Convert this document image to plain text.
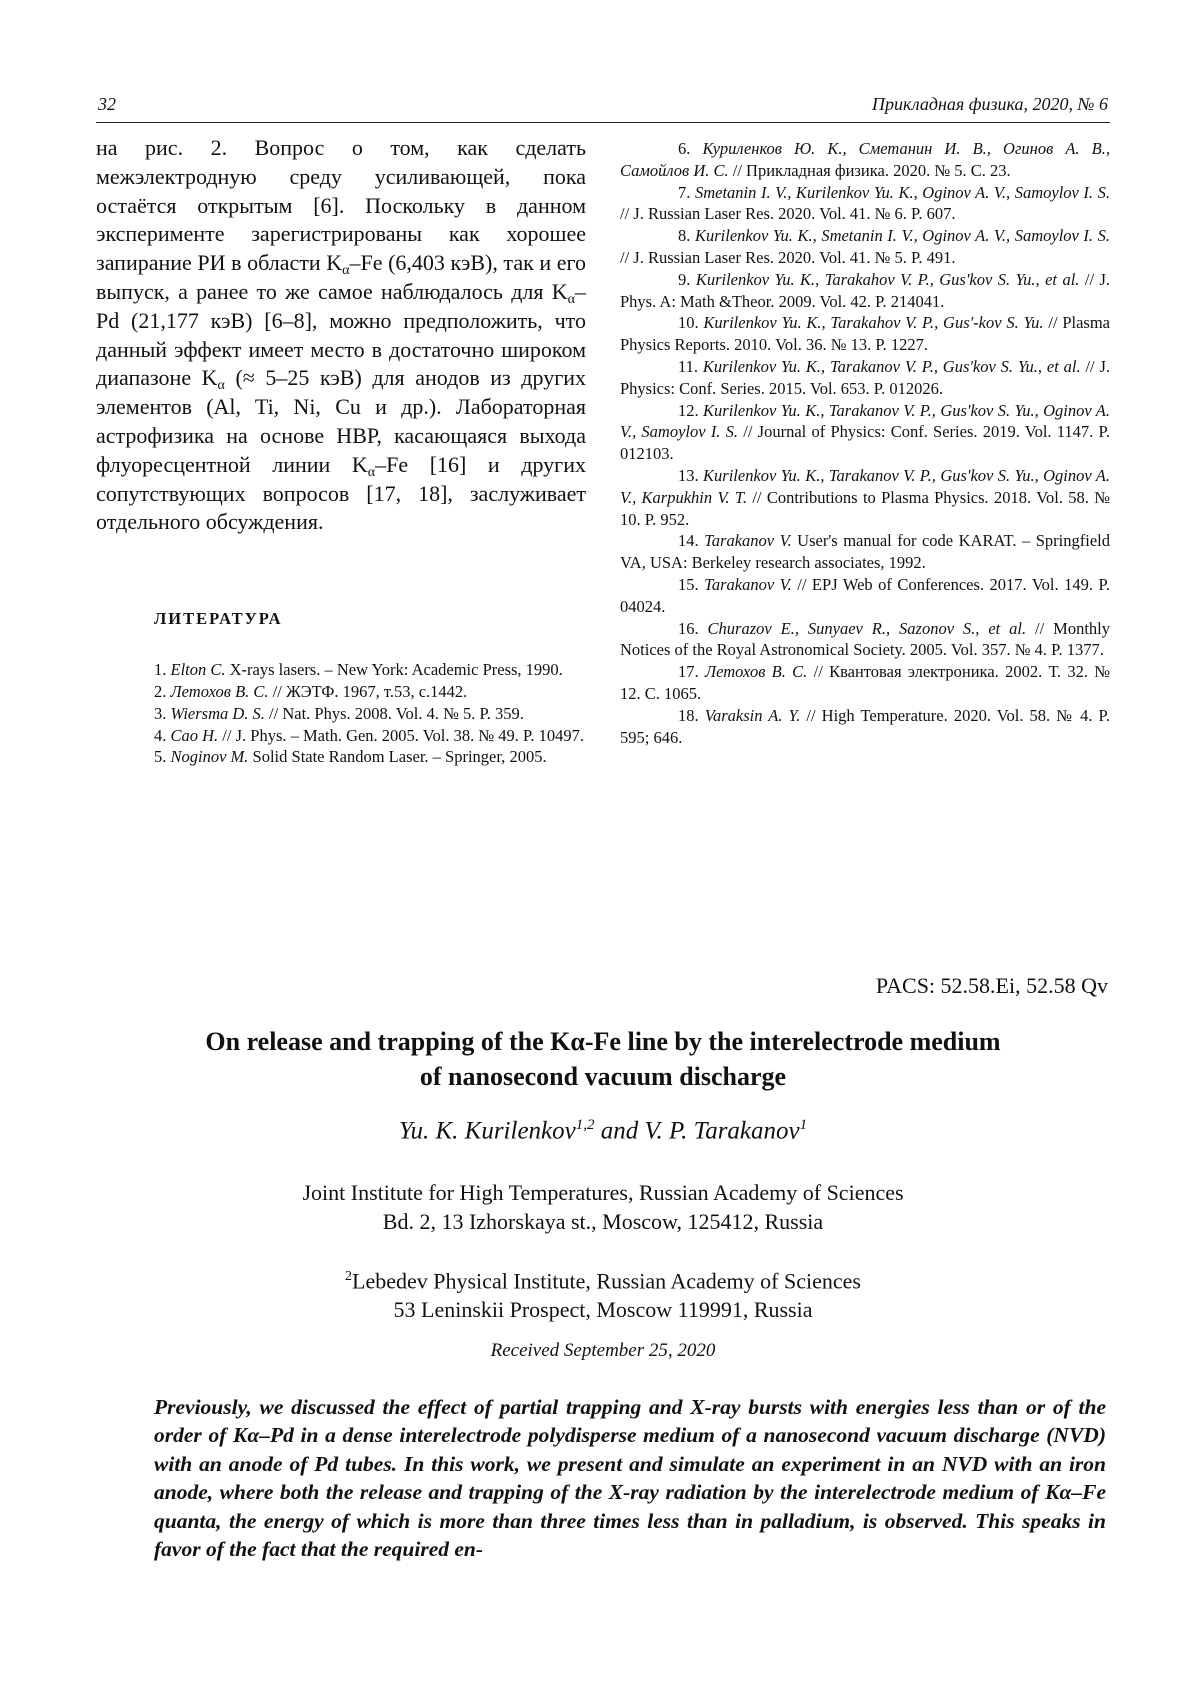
32	Прикладная физика, 2020, № 6

на рис. 2. Вопрос о том, как сделать межэлектродную среду усиливающей, пока остаётся открытым [6]. Поскольку в данном эксперименте зарегистрированы как хорошее запирание РИ в области $K_\alpha-Fe$ (6,403 кэВ), так и его выпуск, а ранее то же самое наблюдалось для $K_\alpha-Pd$ (21,177 кэВ) [6–8], можно предположить, что данный эффект имеет место в достаточно широком диапазоне $K_\alpha$ (≈ 5–25 кэВ) для анодов из других элементов (Al, Ti, Ni, Cu и др.). Лабораторная астрофизика на основе НВР, касающаяся выхода флуоресцентной линии $K_\alpha-Fe$ [16] и других сопутствующих вопросов [17, 18], заслуживает отдельного обсуждения.

ЛИТЕРАТУРА

1. Elton C. X-rays lasers. – New York: Academic Press, 1990.

2. Летохов В. С. // ЖЭТФ. 1967, т.53, с.1442.

3. Wiersma D. S. // Nat. Phys. 2008. Vol. 4. № 5. P. 359.

4. Cao H. // J. Phys. – Math. Gen. 2005. Vol. 38. № 49. P. 10497.

5. Noginov M. Solid State Random Laser. – Springer, 2005.

6. Куриленков Ю. К., Сметанин И. В., Огинов А. В., Самойлов И. С. // Прикладная физика. 2020. № 5. С. 23.

7. Smetanin I. V., Kurilenkov Yu. K., Oginov A. V., Samoylov I. S. // J. Russian Laser Res. 2020. Vol. 41. № 6. P. 607.

8. Kurilenkov Yu. K., Smetanin I. V., Oginov A. V., Samoylov I. S. // J. Russian Laser Res. 2020. Vol. 41. № 5. P. 491.

9. Kurilenkov Yu. K., Tarakahov V. P., Gus'kov S. Yu., et al. // J. Phys. A: Math &Theor. 2009. Vol. 42. P. 214041.

10. Kurilenkov Yu. K., Tarakahov V. P., Gus'-kov S. Yu. // Plasma Physics Reports. 2010. Vol. 36. № 13. P. 1227.

11. Kurilenkov Yu. K., Tarakanov V. P., Gus'kov S. Yu., et al. // J. Physics: Conf. Series. 2015. Vol. 653. P. 012026.

12. Kurilenkov Yu. K., Tarakanov V. P., Gus'kov S. Yu., Oginov A. V., Samoylov I. S. // Journal of Physics: Conf. Series. 2019. Vol. 1147. P. 012103.

13. Kurilenkov Yu. K., Tarakanov V. P., Gus'kov S. Yu., Oginov A. V., Karpukhin V. T. // Contributions to Plasma Physics. 2018. Vol. 58. № 10. P. 952.

14. Tarakanov V. User's manual for code KARAT. – Springfield VA, USA: Berkeley research associates, 1992.

15. Tarakanov V. // EPJ Web of Conferences. 2017. Vol. 149. P. 04024.

16. Churazov E., Sunyaev R., Sazonov S., et al. // Monthly Notices of the Royal Astronomical Society. 2005. Vol. 357. № 4. P. 1377.

17. Летохов В. С. // Квантовая электроника. 2002. Т. 32. № 12. С. 1065.

18. Varaksin A. Y. // High Temperature. 2020. Vol. 58. № 4. P. 595; 646.

PACS: 52.58.Ei, 52.58 Qv
On release and trapping of the Kα-Fe line by the interelectrode medium
of nanosecond vacuum discharge
Yu. K. Kurilenkov$^{1,2}$ and V. P. Tarakanov$^1$
Joint Institute for High Temperatures, Russian Academy of Sciences
Bd. 2, 13 Izhorskaya st., Moscow, 125412, Russia
$^2$Lebedev Physical Institute, Russian Academy of Sciences
53 Leninskii Prospect, Moscow 119991, Russia
Received September 25, 2020

Previously, we discussed the effect of partial trapping and X-ray bursts with energies less than or of the order of Kα–Pd in a dense interelectrode polydisperse medium of a nanosecond vacuum discharge (NVD) with an anode of Pd tubes. In this work, we present and simulate an experiment in an NVD with an iron anode, where both the release and trapping of the X-ray radiation by the interelectrode medium of Kα–Fe quanta, the energy of which is more than three times less than in palladium, is observed. This speaks in favor of the fact that the required en-
